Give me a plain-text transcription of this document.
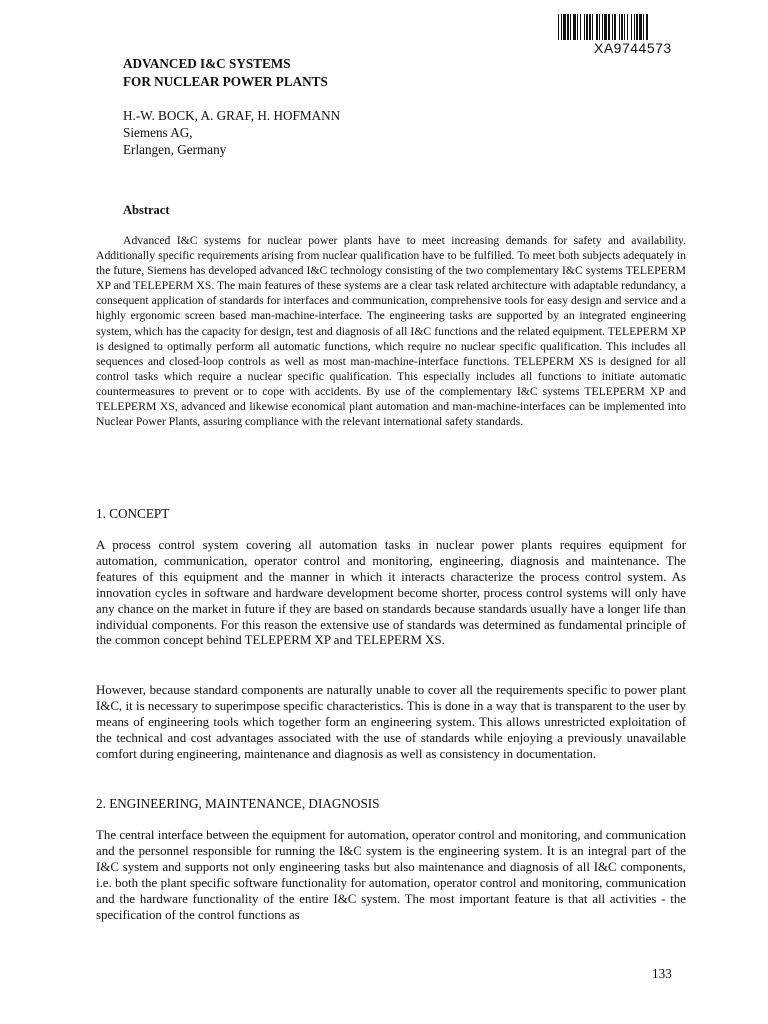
XA9744573
ADVANCED I&C SYSTEMS
FOR NUCLEAR POWER PLANTS
H.-W. BOCK, A. GRAF, H. HOFMANN
Siemens AG,
Erlangen, Germany
Abstract

Advanced I&C systems for nuclear power plants have to meet increasing demands for safety and availability. Additionally specific requirements arising from nuclear qualification have to be fulfilled. To meet both subjects adequately in the future, Siemens has developed advanced I&C technology consisting of the two complementary I&C systems TELEPERM XP and TELEPERM XS. The main features of these systems are a clear task related architecture with adaptable redundancy, a consequent application of standards for interfaces and communication, comprehensive tools for easy design and service and a highly ergonomic screen based man-machine-interface. The engineering tasks are supported by an integrated engineering system, which has the capacity for design, test and diagnosis of all I&C functions and the related equipment. TELEPERM XP is designed to optimally perform all automatic functions, which require no nuclear specific qualification. This includes all sequences and closed-loop controls as well as most man-machine-interface functions. TELEPERM XS is designed for all control tasks which require a nuclear specific qualification. This especially includes all functions to initiate automatic countermeasures to prevent or to cope with accidents. By use of the complementary I&C systems TELEPERM XP and TELEPERM XS, advanced and likewise economical plant automation and man-machine-interfaces can be implemented into Nuclear Power Plants, assuring compliance with the relevant international safety standards.

1. CONCEPT

A process control system covering all automation tasks in nuclear power plants requires equipment for automation, communication, operator control and monitoring, engineering, diagnosis and maintenance. The features of this equipment and the manner in which it interacts characterize the process control system. As innovation cycles in software and hardware development become shorter, process control systems will only have any chance on the market in future if they are based on standards because standards usually have a longer life than individual components. For this reason the extensive use of standards was determined as fundamental principle of the common concept behind TELEPERM XP and TELEPERM XS.

However, because standard components are naturally unable to cover all the requirements specific to power plant I&C, it is necessary to superimpose specific characteristics. This is done in a way that is transparent to the user by means of engineering tools which together form an engineering system. This allows unrestricted exploitation of the technical and cost advantages associated with the use of standards while enjoying a previously unavailable comfort during engineering, maintenance and diagnosis as well as consistency in documentation.

2. ENGINEERING, MAINTENANCE, DIAGNOSIS

The central interface between the equipment for automation, operator control and monitoring, and communication and the personnel responsible for running the I&C system is the engineering system. It is an integral part of the I&C system and supports not only engineering tasks but also maintenance and diagnosis of all I&C components, i.e. both the plant specific software functionality for automation, operator control and monitoring, communication and the hardware functionality of the entire I&C system. The most important feature is that all activities - the specification of the control functions as

133
